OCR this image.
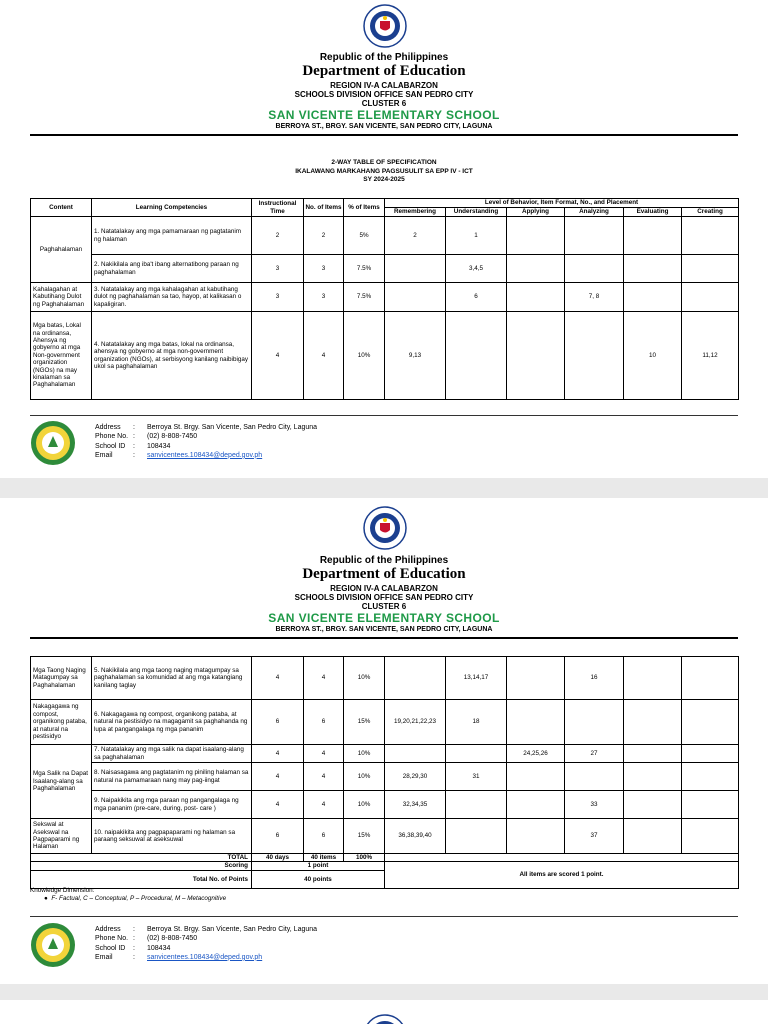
Republic of the Philippines
Department of Education
REGION IV-A CALABARZON
SCHOOLS DIVISION OFFICE SAN PEDRO CITY
CLUSTER 6
SAN VICENTE ELEMENTARY SCHOOL
BERROYA ST., BRGY. SAN VICENTE, SAN PEDRO CITY, LAGUNA
2-WAY TABLE OF SPECIFICATION
IKALAWANG MARKAHANG PAGSUSULIT SA EPP IV - ICT
SY 2024-2025
Content	Learning Competencies	Instructional Time	No. of Items	% of Items	Level of Behavior, Item Format, No., and Placement					
					Remembering	Understanding	Applying	Analyzing	Evaluating	Creating
Paghahalaman	1. Natatalakay ang mga pamamaraan ng pagtatanim ng halaman	2	2	5%	2	1				
	2. Nakikilala ang iba't ibang alternatibong paraan ng paghahalaman	3	3	7.5%		3,4,5				
Kahalagahan at Kabutihang Dulot ng Paghahalaman	3. Natatalakay ang mga kahalagahan at kabutihang dulot ng paghahalaman sa tao, hayop, at kalikasan o kapaligiran.	3	3	7.5%		6		7, 8		
Mga batas, Lokal na ordinansa, Ahensya ng gobyerno at mga Non-government organization (NGOs) na may kinalaman sa Paghahalaman	4. Natatalakay ang mga batas, lokal na ordinansa, ahensya ng gobyerno at mga non-government organization (NGOs), at serbisyong kanilang naibibigay ukol sa paghahalaman	4	4	10%	9,13				10	11,12
Address : Berroya St. Brgy. San Vicente, San Pedro City, Laguna
Phone No. : (02) 8-808-7450
School ID : 108434
Email	: sanvicentees.108434@deped.gov.ph
Republic of the Philippines
Department of Education
REGION IV-A CALABARZON
SCHOOLS DIVISION OFFICE SAN PEDRO CITY
CLUSTER 6
SAN VICENTE ELEMENTARY SCHOOL
BERROYA ST., BRGY. SAN VICENTE, SAN PEDRO CITY, LAGUNA
Mga Taong Naging Matagumpay sa Paghahalaman	5. Nakikilala ang mga taong naging matagumpay sa paghahalaman sa komunidad at ang mga katangiang kanilang taglay	4	4	10%		13,14,17		16		
Nakagagawa ng compost, organikong pataba, at natural na pestisidyo	6. Nakagagawa ng compost, organikong pataba, at natural na pestisidyo na magagamit sa paghahanda ng lupa at pangangalaga ng mga pananim	6	6	15%	19,20,21,22,23	18				
Mga Salik na Dapat Isaalang-alang sa Paghahalaman	7. Natatalakay ang mga salik na dapat isaalang-alang sa paghahalaman	4	4	10%			24,25,26	27		
	8. Naisasagawa ang pagtatanim ng piniling halaman sa natural na pamamaraan nang may pag-iingat	4	4	10%	28,29,30	31				
	9. Naipakikita ang mga paraan ng pangangalaga ng mga pananim (pre-care, during, post- care )	4	4	10%	32,34,35			33		
Sekswal at Asekswal na Pagpaparami ng Halaman	10. naipakikita ang pagpapaparami ng halaman sa paraang seksuwal at aseksuwal	6	6	15%	36,38,39,40			37		
TOTAL		40 days	40 items	100%						
Scoring		1 point			All items are scored 1 point.					
Total No. of Points		40 points								
Knowledge Dimension:
●  F- Factual, C – Conceptual, P – Procedural, M – Metacognitive
Address : Berroya St. Brgy. San Vicente, San Pedro City, Laguna
Phone No. : (02) 8-808-7450
School ID : 108434
Email	: sanvicentees.108434@deped.gov.ph
